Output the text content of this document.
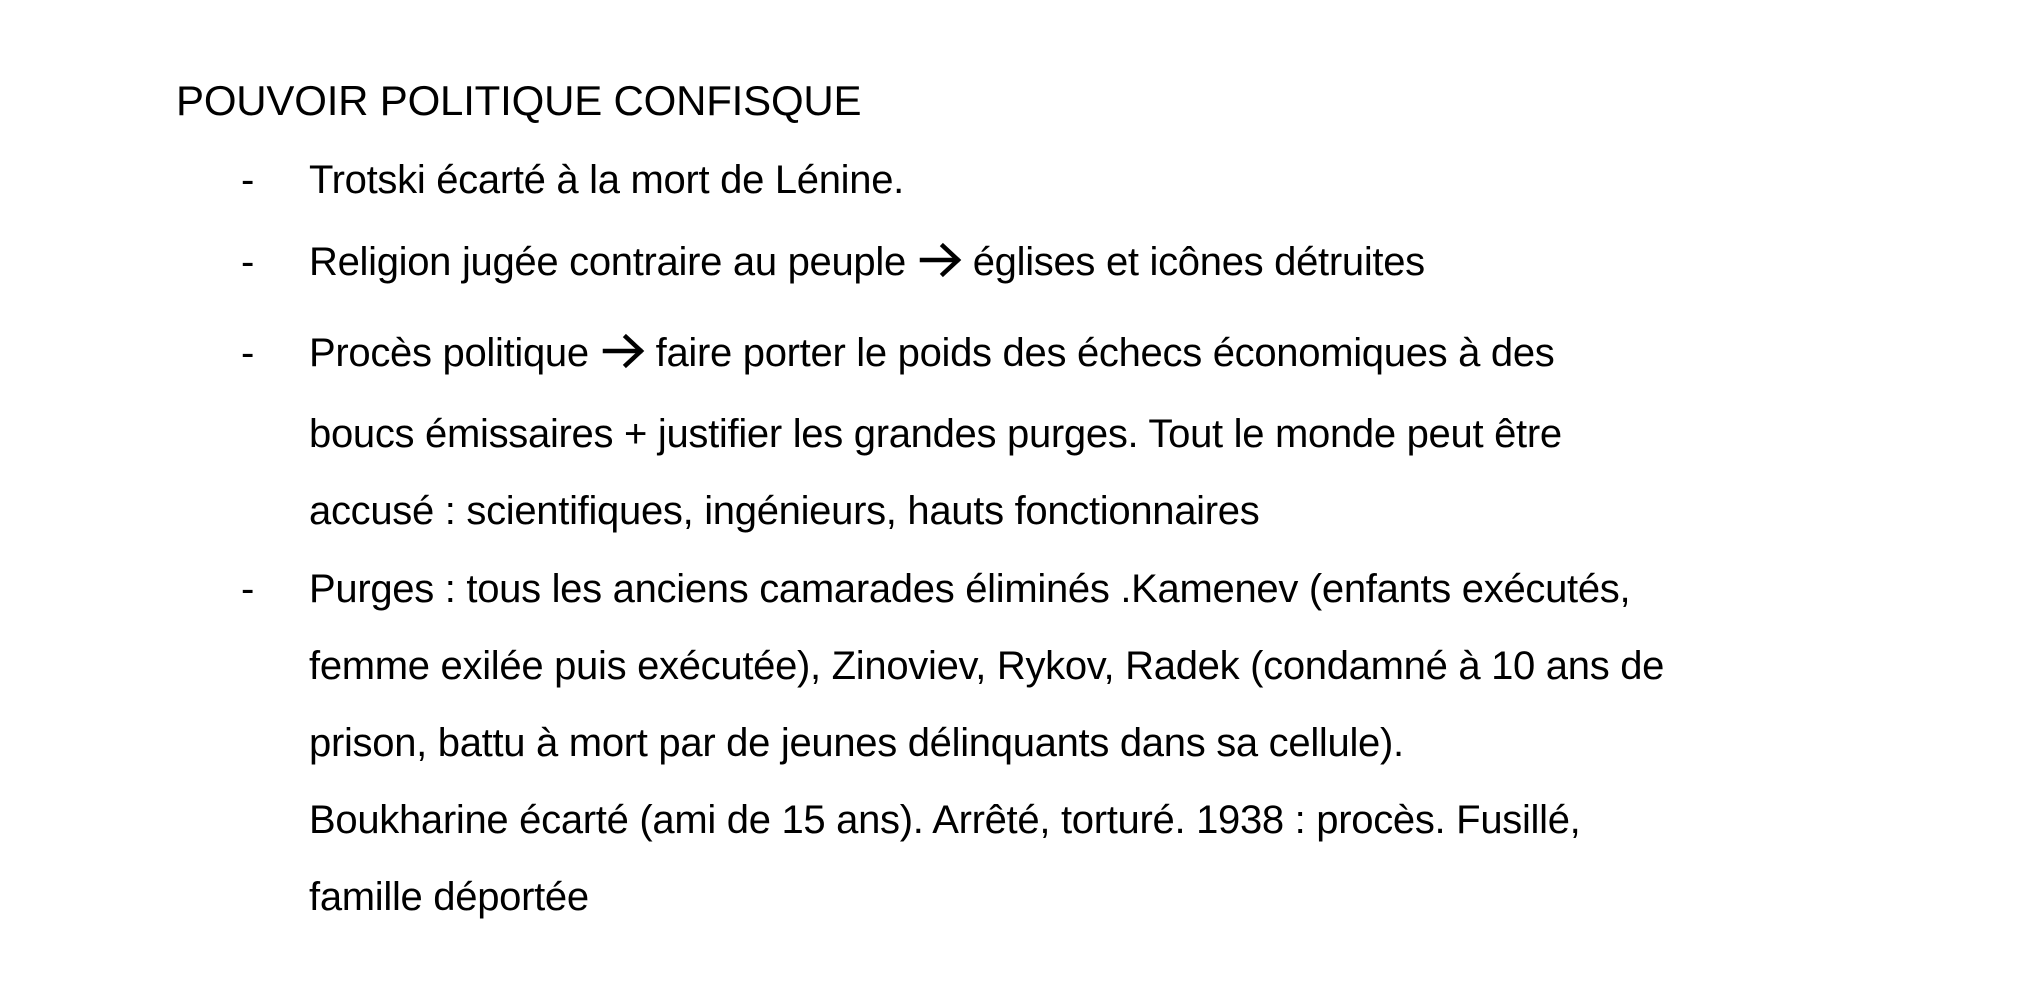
POUVOIR POLITIQUE CONFISQUE
- Trotski écarté à la mort de Lénine.
- Religion jugée contraire au peuple églises et icônes détruites
- Procès politique faire porter le poids des échecs économiques à des
boucs émissaires + justifier les grandes purges. Tout le monde peut être
accusé : scientifiques, ingénieurs, hauts fonctionnaires
- Purges : tous les anciens camarades éliminés .Kamenev (enfants exécutés,
femme exilée puis exécutée), Zinoviev, Rykov, Radek (condamné à 10 ans de
prison, battu à mort par de jeunes délinquants dans sa cellule).
Boukharine écarté (ami de 15 ans). Arrêté, torturé. 1938 : procès. Fusillé,
famille déportée
